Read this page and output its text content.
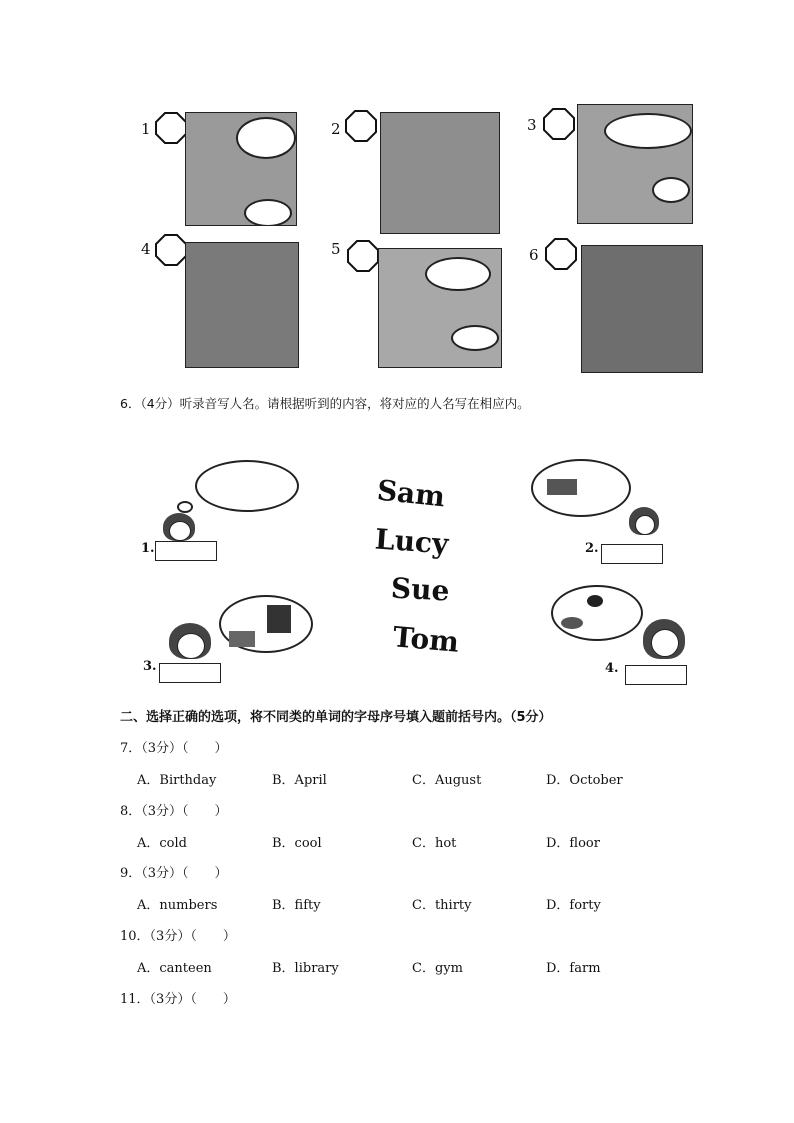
1	2	3
4	5	6
6．（4分）听录音写人名。请根据听到的内容，将对应的人名写在相应内。
1.	2.
Sam
Lucy
Sue
Tom
3.	4.
二、选择正确的选项，将不同类的单词的字母序号填入题前括号内。（5分）
7．（3分）（　　）
A．Birthday	B．April	C．August	D．October
8．（3分）（　　）
A．cold	B．cool	C．hot	D．floor
9．（3分）（　　）
A．numbers	B．fifty	C．thirty	D．forty
10．（3分）（　　）
A．canteen	B．library	C．gym	D．farm
11．（3分）（　　）
